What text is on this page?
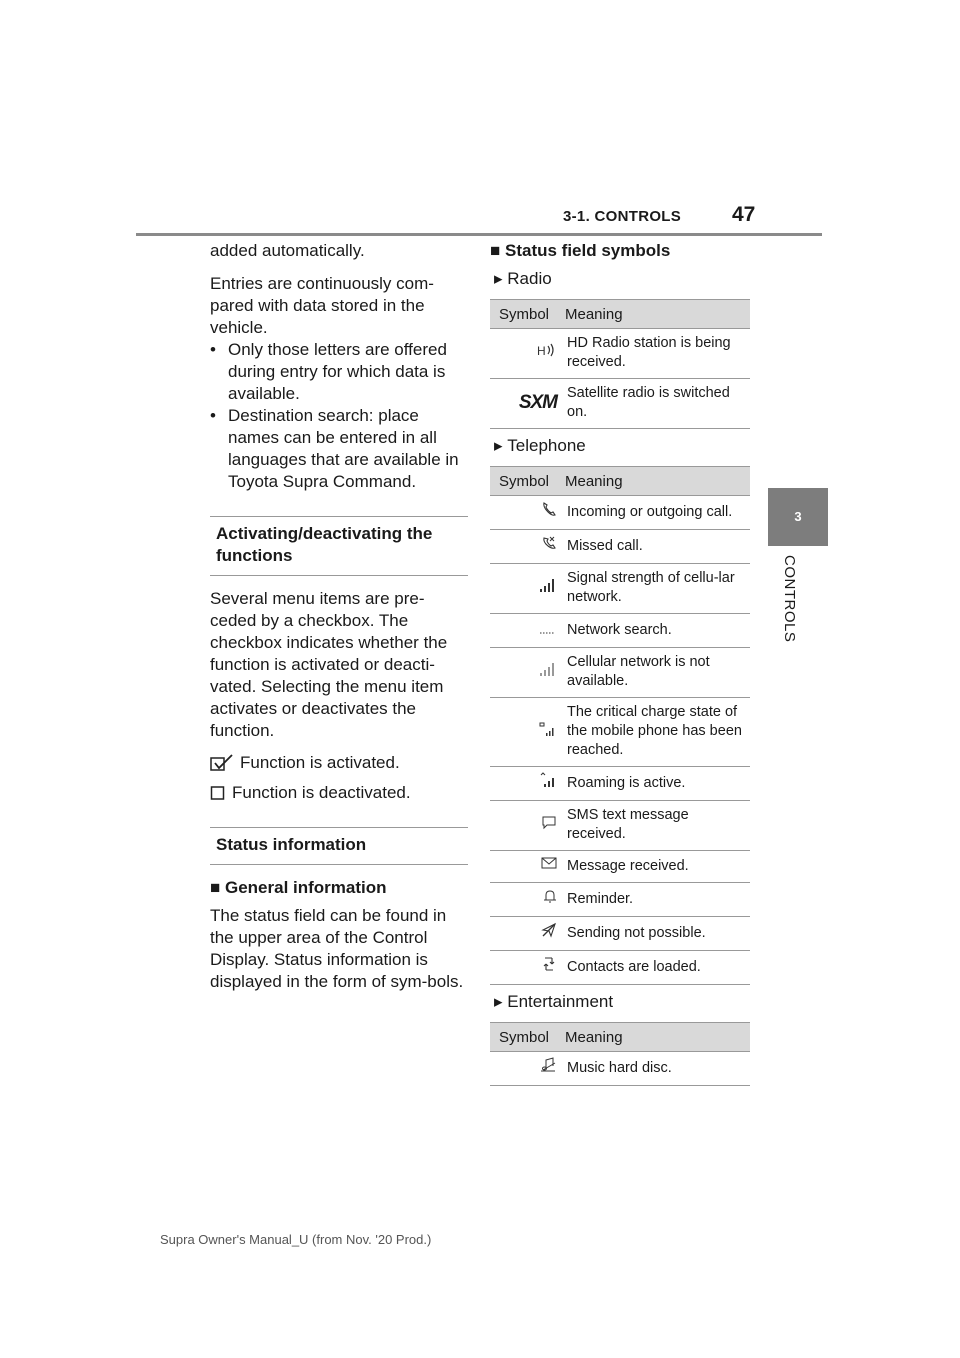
3-1. CONTROLS 47
3
CONTROLS

added automatically.

Entries are continuously com-pared with data stored in the vehicle.

• Only those letters are offered during entry for which data is available.
• Destination search: place names can be entered in all languages that are available in Toyota Supra Command.
Activating/deactivating the functions

Several menu items are pre-ceded by a checkbox. The checkbox indicates whether the function is activated or deacti-vated. Selecting the menu item activates or deactivates the function.

Function is activated.
Function is deactivated.
Status information
■ General information

The status field can be found in the upper area of the Control Display. Status information is displayed in the form of sym-bols.

■ Status field symbols
▸ Radio
Symbol	Meaning

H	HD Radio station is being received.
SXM	Satellite radio is switched on.
▸ Telephone
Symbol	Meaning
	Incoming or outgoing call.
	Missed call.
	Signal strength of cellu-lar network.
	Network search.
	Cellular network is not available.
	The critical charge state of the mobile phone has been reached.
	Roaming is active.
	SMS text message received.
	Message received.
	Reminder.
	Sending not possible.
	Contacts are loaded.
▸ Entertainment
Symbol	Meaning
	Music hard disc.
Supra Owner's Manual_U (from Nov. '20 Prod.)
